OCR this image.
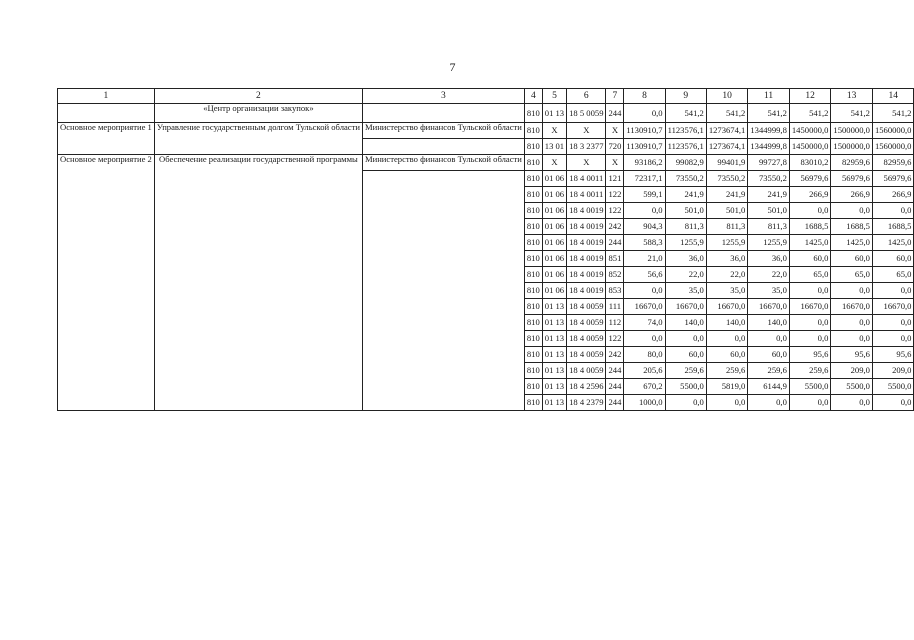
7
1	2	3	4	5	6	7	8	9	10	11	12	13	14
	«Центр организации закупок»		810	01 13	18 5 0059	244	0,0	541,2	541,2	541,2	541,2	541,2	541,2
Основное мероприятие 1	Управление государственным долгом Тульской области	Министерство финансов Тульской области	810	X	X	X	1130910,7	1123576,1	1273674,1	1344999,8	1450000,0	1500000,0	1560000,0
			810	13 01	18 3 2377	720	1130910,7	1123576,1	1273674,1	1344999,8	1450000,0	1500000,0	1560000,0
Основное мероприятие 2	Обеспечение реализации государственной программы	Министерство финансов Тульской области	810	X	X	X	93186,2	99082,9	99401,9	99727,8	83010,2	82959,6	82959,6
			810	01 06	18 4 0011	121	72317,1	73550,2	73550,2	73550,2	56979,6	56979,6	56979,6
			810	01 06	18 4 0011	122	599,1	241,9	241,9	241,9	266,9	266,9	266,9
			810	01 06	18 4 0019	122	0,0	501,0	501,0	501,0	0,0	0,0	0,0
			810	01 06	18 4 0019	242	904,3	811,3	811,3	811,3	1688,5	1688,5	1688,5
			810	01 06	18 4 0019	244	588,3	1255,9	1255,9	1255,9	1425,0	1425,0	1425,0
			810	01 06	18 4 0019	851	21,0	36,0	36,0	36,0	60,0	60,0	60,0
			810	01 06	18 4 0019	852	56,6	22,0	22,0	22,0	65,0	65,0	65,0
			810	01 06	18 4 0019	853	0,0	35,0	35,0	35,0	0,0	0,0	0,0
			810	01 13	18 4 0059	111	16670,0	16670,0	16670,0	16670,0	16670,0	16670,0	16670,0
			810	01 13	18 4 0059	112	74,0	140,0	140,0	140,0	0,0	0,0	0,0
			810	01 13	18 4 0059	122	0,0	0,0	0,0	0,0	0,0	0,0	0,0
			810	01 13	18 4 0059	242	80,0	60,0	60,0	60,0	95,6	95,6	95,6
			810	01 13	18 4 0059	244	205,6	259,6	259,6	259,6	259,6	209,0	209,0
			810	01 13	18 4 2596	244	670,2	5500,0	5819,0	6144,9	5500,0	5500,0	5500,0
			810	01 13	18 4 2379	244	1000,0	0,0	0,0	0,0	0,0	0,0	0,0
